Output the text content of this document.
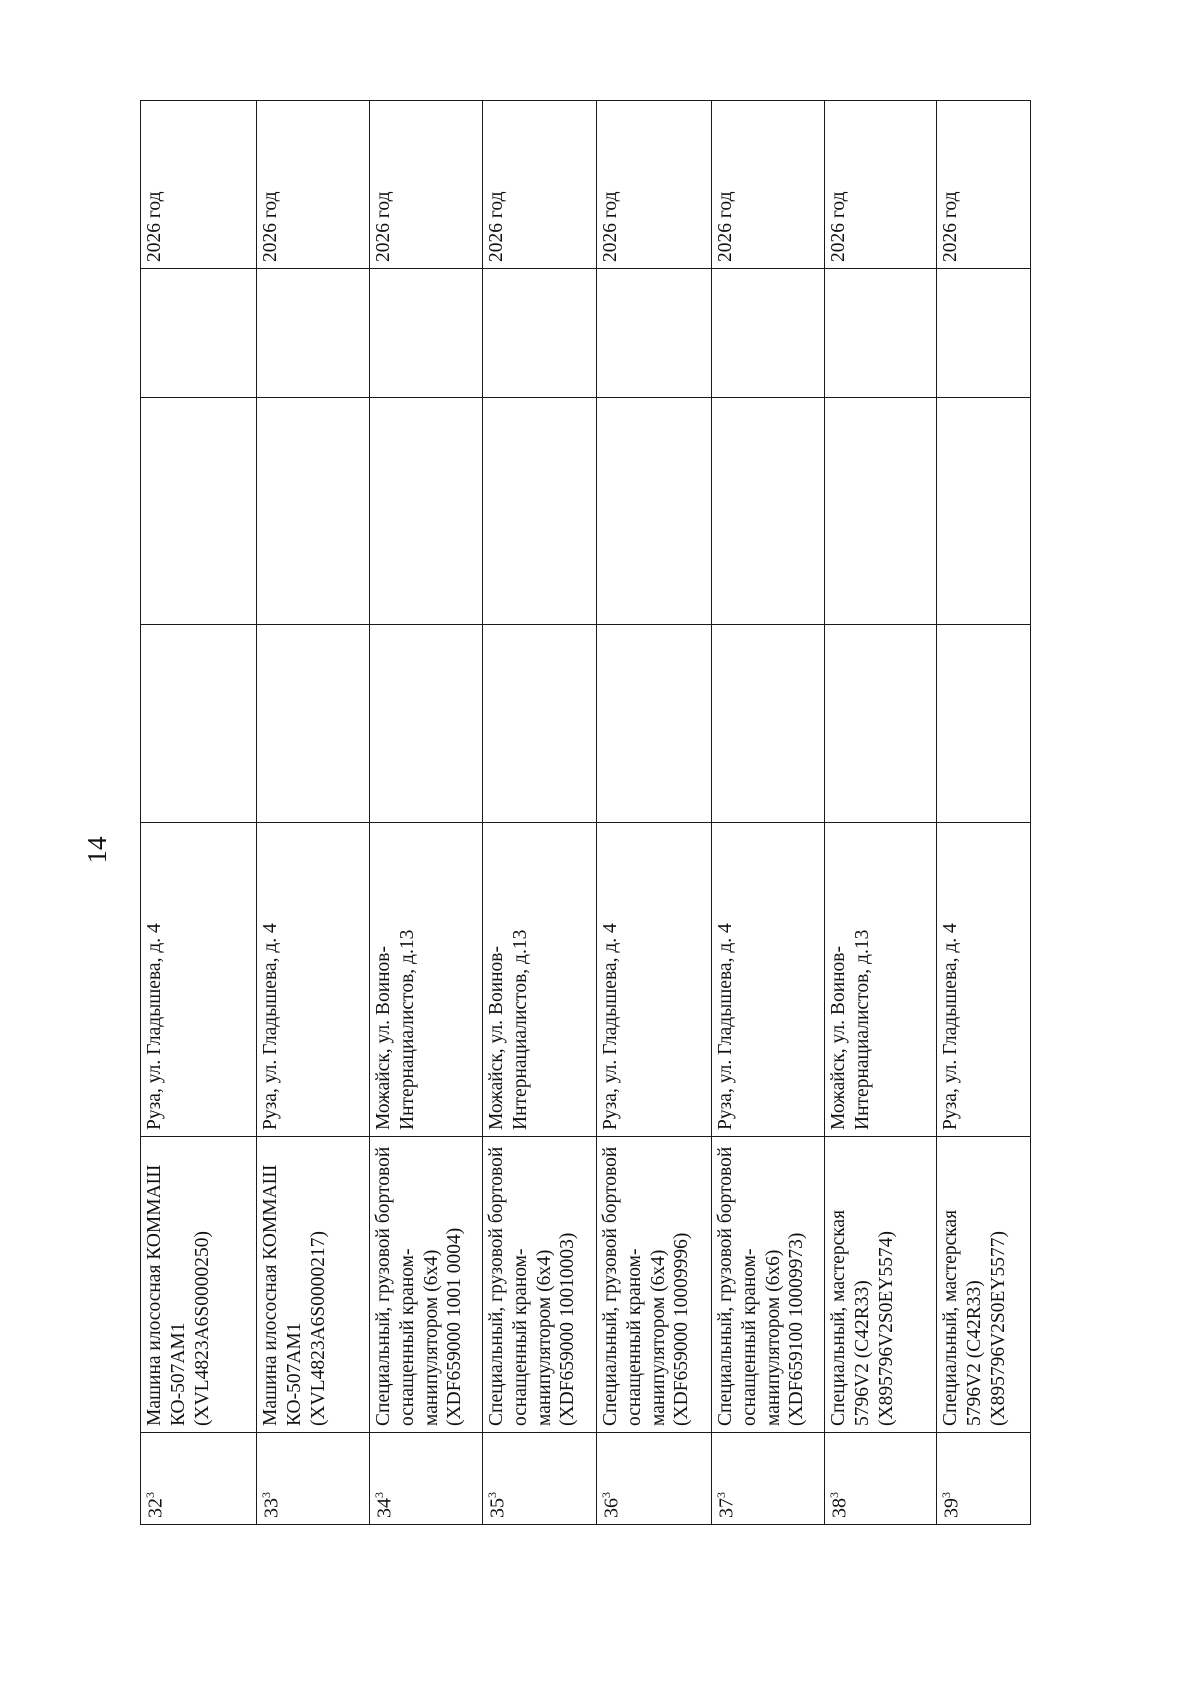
14
$32^3$	Машина илососная КОММАШ КО-507АМ1 (XVL4823A6S0000250)	Руза, ул. Гладышева, д. 4				2026 год
$33^3$	Машина илососная КОММАШ КО-507АМ1 (XVL4823A6S0000217)	Руза, ул. Гладышева, д. 4				2026 год
$34^3$	Специальный, грузовой бортовой оснащенный краном-манипулятором (6х4) (XDF659000 1001 0004)	Можайск, ул. Воинов-Интернациалистов, д.13				2026 год
$35^3$	Специальный, грузовой бортовой оснащенный краном-манипулятором (6х4) (XDF659000 10010003)	Можайск, ул. Воинов-Интернациалистов, д.13				2026 год
$36^3$	Специальный, грузовой бортовой оснащенный краном-манипулятором (6х4) (XDF659000 10009996)	Руза, ул. Гладышева, д. 4				2026 год
$37^3$	Специальный, грузовой бортовой оснащенный краном-манипулятором (6х6) (XDF659100 10009973)	Руза, ул. Гладышева, д. 4				2026 год
$38^3$	Специальный, мастерская 5796V2 (C42R33) (X895796V2S0EY5574)	Можайск, ул. Воинов-Интернациалистов, д.13				2026 год
$39^3$	Специальный, мастерская 5796V2 (C42R33) (X895796V2S0EY5577)	Руза, ул. Гладышева, д. 4				2026 год
